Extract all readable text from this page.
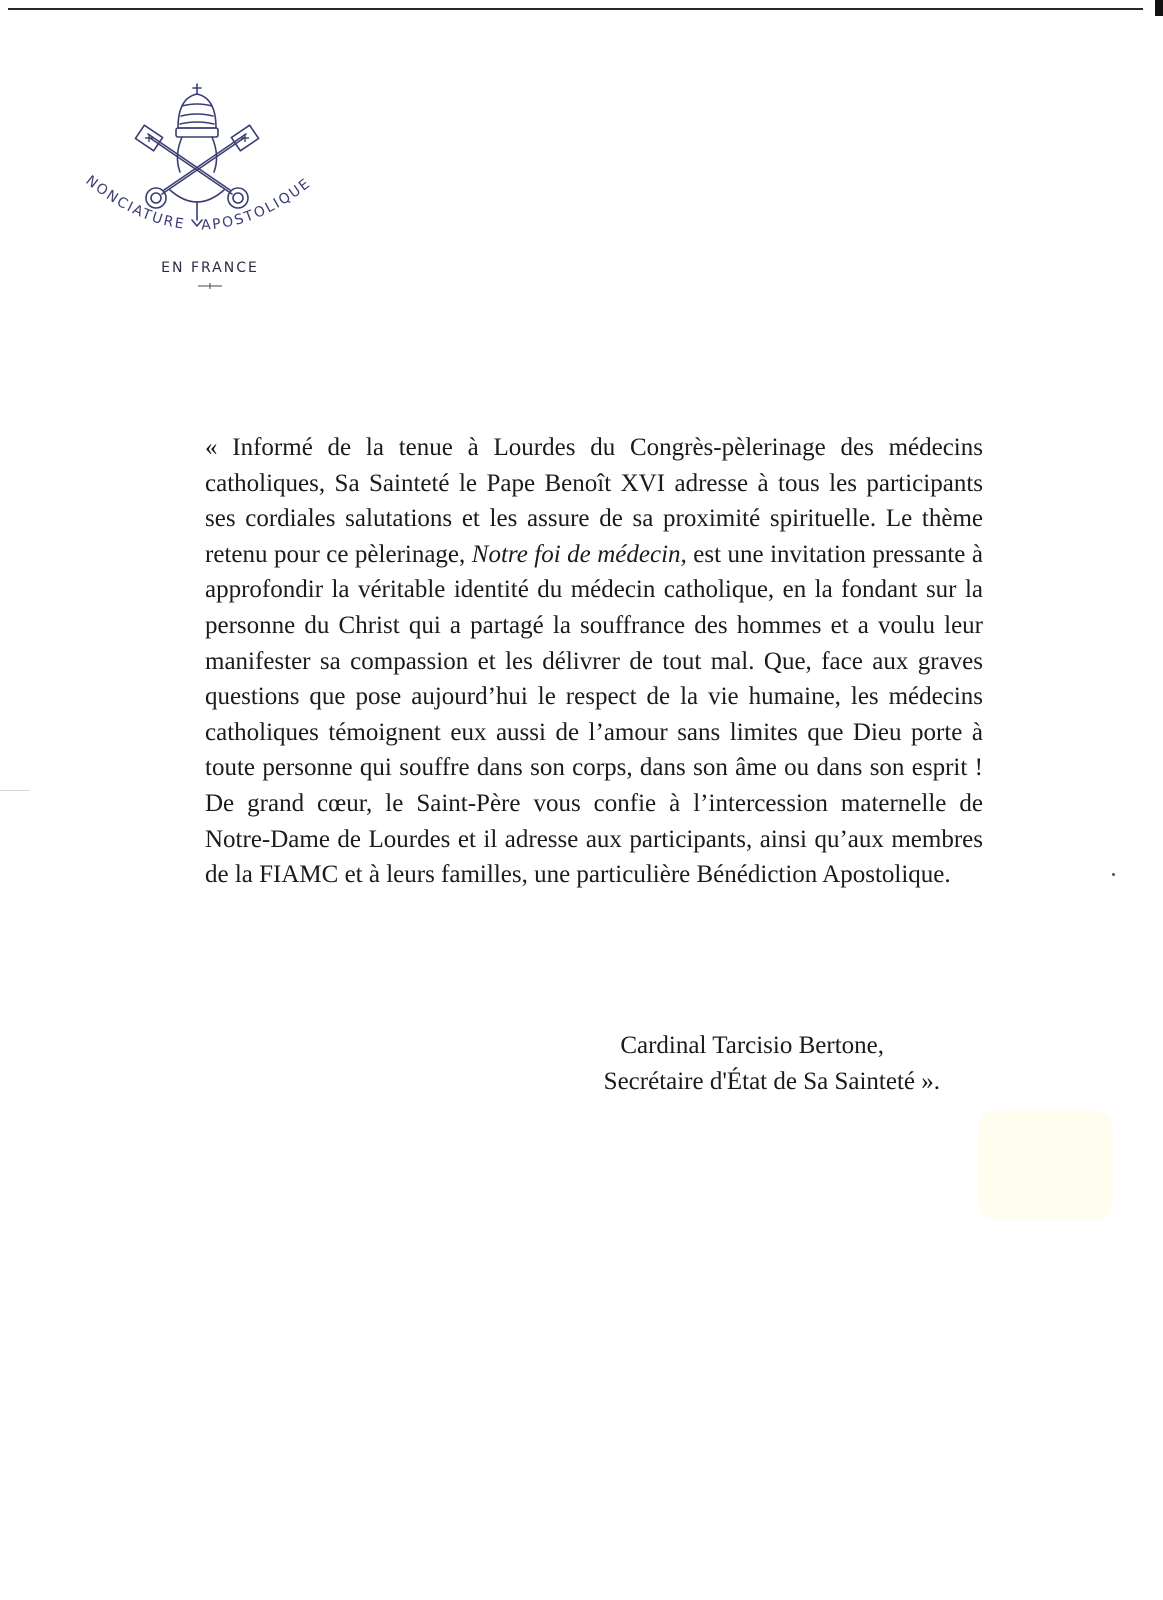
NONCIATURE APOSTOLIQUE
EN FRANCE
« Informé de la tenue à Lourdes du Congrès-pèlerinage des médecins catholiques, Sa Sainteté le Pape Benoît XVI adresse à tous les participants ses cordiales salutations et les assure de sa proximité spirituelle. Le thème retenu pour ce pèlerinage, Notre foi de médecin, est une invitation pressante à approfondir la véritable identité du médecin catholique, en la fondant sur la personne du Christ qui a partagé la souffrance des hommes et a voulu leur manifester sa compassion et les délivrer de tout mal. Que, face aux graves questions que pose aujourd’hui le respect de la vie humaine, les médecins catholiques témoignent eux aussi de l’amour sans limites que Dieu porte à toute personne qui souffre dans son corps, dans son âme ou dans son esprit ! De grand cœur, le Saint-Père vous confie à l’intercession maternelle de Notre-Dame de Lourdes et il adresse aux participants, ainsi qu’aux membres de la FIAMC et à leurs familles, une particulière Bénédiction Apostolique.
Cardinal Tarcisio Bertone,
Secrétaire d'État de Sa Sainteté ».
